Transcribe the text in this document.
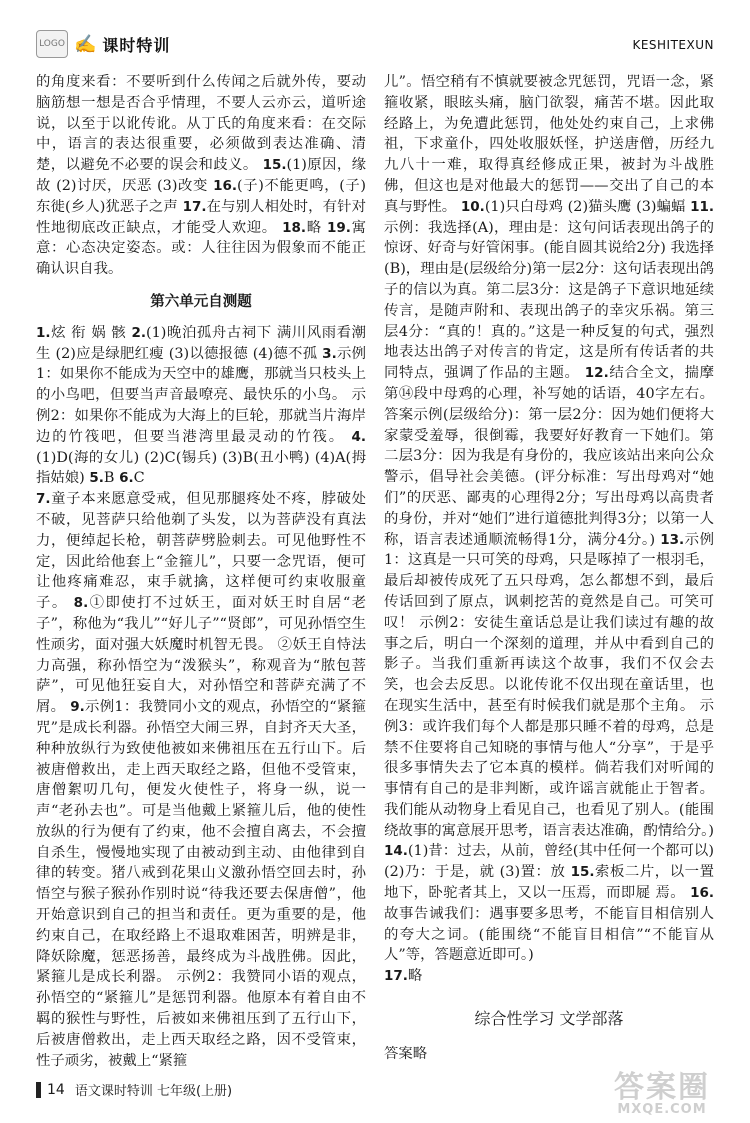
LOGO ✍ 课时特训	KESHITEXUN

的角度来看：不要听到什么传闻之后就外传，要动脑筋想一想是否合乎情理，不要人云亦云，道听途说，以至于以讹传讹。从丁氏的角度来看：在交际中，语言的表达很重要，必须做到表达准确、清楚，以避免不必要的误会和歧义。 15.(1)原因，缘故 (2)讨厌，厌恶 (3)改变 16.(子)不能更鸣，(子)东徙(乡人)犹恶子之声 17.在与别人相处时，有针对性地彻底改正缺点，才能受人欢迎。 18.略 19.寓意：心态决定姿态。或：人往往因为假象而不能正确认识自我。

第六单元自测题

1.炫 衔 娲 骸 2.(1)晚泊孤舟古祠下 满川风雨看潮生 (2)应是绿肥红瘦 (3)以德报德 (4)德不孤 3.示例1：如果你不能成为天空中的雄鹰，那就当只枝头上的小鸟吧，但要当声音最嘹亮、最快乐的小鸟。 示例2：如果你不能成为大海上的巨轮，那就当片海岸边的竹筏吧，但要当港湾里最灵动的竹筏。 4.(1)D(海的女儿) (2)C(锡兵) (3)B(丑小鸭) (4)A(拇指姑娘) 5.B 6.C

7.童子本来愿意受戒，但见那腿疼处不疼，脖破处不破，见菩萨只给他剃了头发，以为菩萨没有真法力，便绰起长枪，朝菩萨劈脸刺去。可见他野性不定，因此给他套上“金箍儿”，只要一念咒语，便可让他疼痛难忍，束手就擒，这样便可约束收服童子。 8.①即使打不过妖王，面对妖王时自居“老子”，称他为“我儿”“好儿子”“贤郎”，可见孙悟空生性顽劣，面对强大妖魔时机智无畏。 ②妖王自恃法力高强，称孙悟空为“泼猴头”，称观音为“脓包菩萨”，可见他狂妄自大，对孙悟空和菩萨充满了不屑。 9.示例1：我赞同小文的观点，孙悟空的“紧箍咒”是成长利器。孙悟空大闹三界，自封齐天大圣，种种放纵行为致使他被如来佛祖压在五行山下。后被唐僧救出，走上西天取经之路，但他不受管束，唐僧絮叨几句，便发火使性子，将身一纵，说一声“老孙去也”。可是当他戴上紧箍儿后，他的使性放纵的行为便有了约束，他不会擅自离去，不会擅自杀生，慢慢地实现了由被动到主动、由他律到自律的转变。猪八戒到花果山义激孙悟空回去时，孙悟空与猴子猴孙作别时说“待我还要去保唐僧”，他开始意识到自己的担当和责任。更为重要的是，他约束自己，在取经路上不退取难困苦，明辨是非，降妖除魔，惩恶扬善，最终成为斗战胜佛。因此，紧箍儿是成长利器。 示例2：我赞同小语的观点，孙悟空的“紧箍儿”是惩罚利器。他原本有着自由不羁的猴性与野性，后被如来佛祖压到了五行山下，后被唐僧救出，走上西天取经之路，因不受管束，性子顽劣，被戴上“紧箍

儿”。悟空稍有不慎就要被念咒惩罚，咒语一念，紧箍收紧，眼眩头痛，脑门欲裂，痛苦不堪。因此取经路上，为免遭此惩罚，他处处约束自己，上求佛祖，下求童仆，四处收服妖怪，护送唐僧，历经九九八十一难，取得真经修成正果，被封为斗战胜佛，但这也是对他最大的惩罚——交出了自己的本真与野性。 10.(1)只白母鸡 (2)猫头鹰 (3)蝙蝠 11.示例：我选择(A)，理由是：这句问话表现出鸽子的惊讶、好奇与好管闲事。(能自圆其说给2分) 我选择(B)，理由是(层级给分)第一层2分：这句话表现出鸽子的信以为真。第二层3分：这是鸽子下意识地延续传言，是随声附和、表现出鸽子的幸灾乐祸。第三层4分：“真的！真的。”这是一种反复的句式，强烈地表达出鸽子对传言的肯定，这是所有传话者的共同特点，强调了作品的主题。 12.结合全文，揣摩第⑭段中母鸡的心理，补写她的话语，40字左右。答案示例(层级给分)：第一层2分：因为她们便将大家蒙受羞辱，很倒霉，我要好好教育一下她们。第二层3分：因为我是有身份的，我应该站出来向公众警示，倡导社会美德。(评分标准：写出母鸡对“她们”的厌恶、鄙夷的心理得2分；写出母鸡以高贵者的身份，并对“她们”进行道德批判得3分；以第一人称，语言表述通顺流畅得1分，满分4分。) 13.示例1：这真是一只可笑的母鸡，只是啄掉了一根羽毛，最后却被传成死了五只母鸡，怎么都想不到，最后传话回到了原点，讽刺挖苦的竟然是自己。可笑可叹！ 示例2：安徒生童话总是让我们读过有趣的故事之后，明白一个深刻的道理，并从中看到自己的影子。当我们重新再读这个故事，我们不仅会去笑，也会去反思。以讹传讹不仅出现在童话里，也在现实生活中，甚至有时候我们就是那个主角。 示例3：或许我们每个人都是那只睡不着的母鸡，总是禁不住要将自己知晓的事情与他人“分享”，于是乎很多事情失去了它本真的模样。倘若我们对听闻的事情有自己的是非判断，或许谣言就能止于智者。我们能从动物身上看见自己，也看见了别人。(能围绕故事的寓意展开思考，语言表达准确，酌情给分。) 14.(1)昔：过去，从前，曾经(其中任何一个都可以) (2)乃：于是，就 (3)置：放 15.索板二片，以一置地下，卧驼者其上，又以一压焉，而即屣 焉。 16.故事告诫我们：遇事要多思考，不能盲目相信别人的夸大之词。(能围绕“不能盲目相信”“不能盲从人”等，答题意近即可。)

17.略

综合性学习 文学部落

答案略

14 语文课时特训 七年级(上册)	答案圈
MXQE.COM
